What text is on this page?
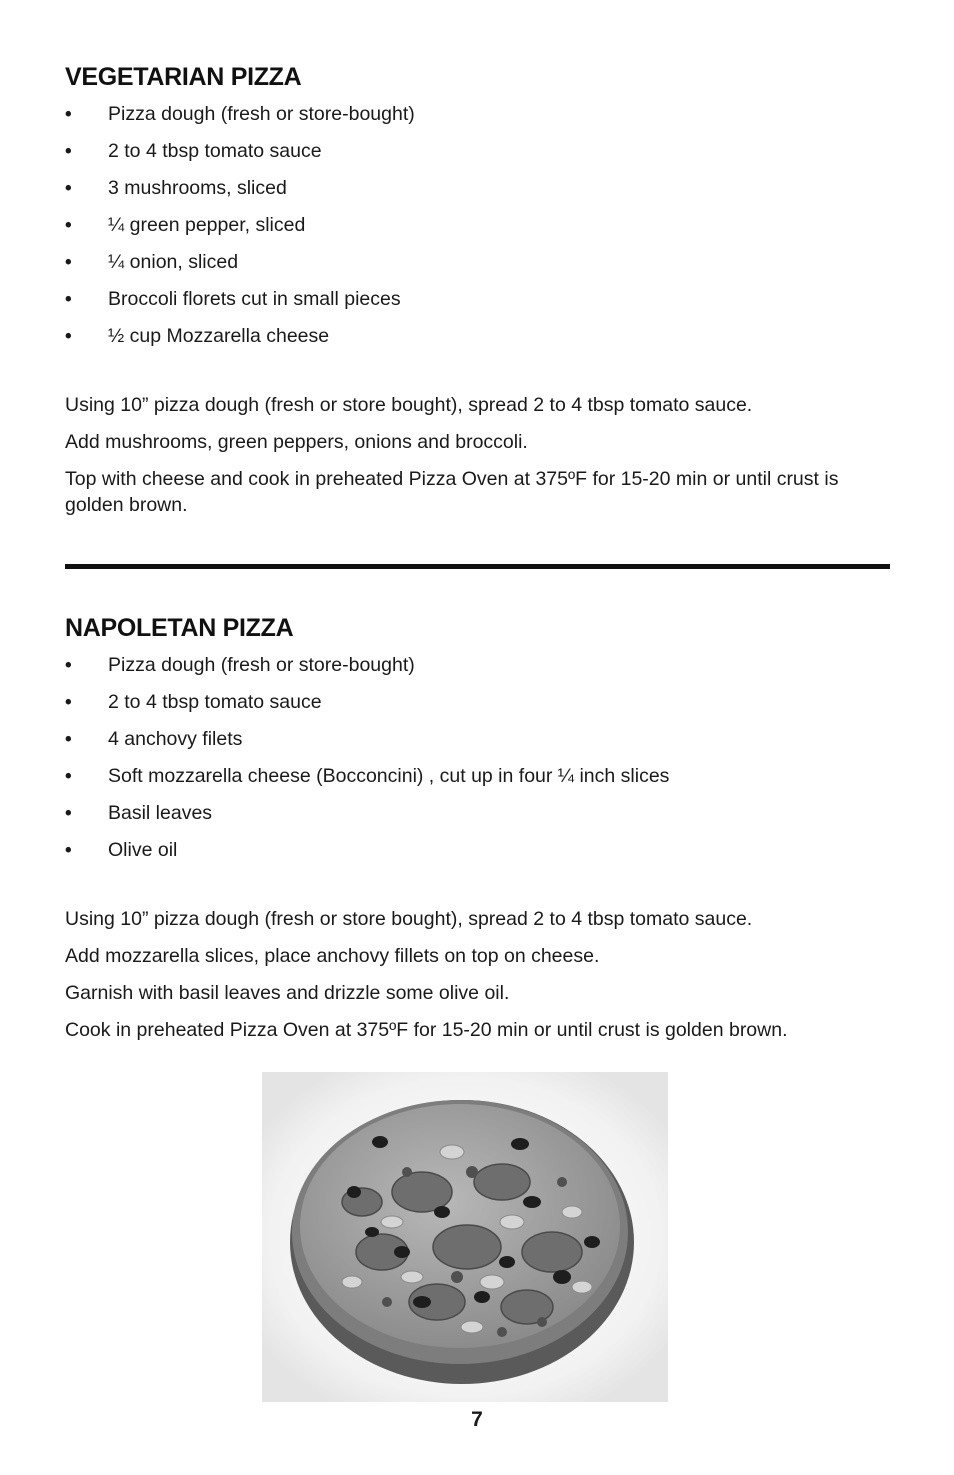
VEGETARIAN PIZZA
• Pizza dough (fresh or store-bought)
• 2 to 4 tbsp tomato sauce
• 3 mushrooms, sliced
• ¼ green pepper, sliced
• ¼ onion, sliced
• Broccoli florets cut in small pieces
• ½ cup Mozzarella cheese

Using 10” pizza dough (fresh or store bought), spread 2 to 4 tbsp tomato sauce.

Add mushrooms, green peppers, onions and broccoli.

Top with cheese and cook in preheated Pizza Oven at 375ºF for 15-20 min or until crust is golden brown.

NAPOLETAN PIZZA
• Pizza dough (fresh or store-bought)
• 2 to 4 tbsp tomato sauce
• 4 anchovy filets
• Soft mozzarella cheese (Bocconcini) , cut up in four ¼ inch slices
• Basil leaves
• Olive oil

Using 10” pizza dough (fresh or store bought), spread 2 to 4 tbsp tomato sauce.

Add mozzarella slices, place anchovy fillets on top on cheese.

Garnish with basil leaves and drizzle some olive oil.

Cook in preheated Pizza Oven at 375ºF for 15-20 min or until crust is golden brown.

7
